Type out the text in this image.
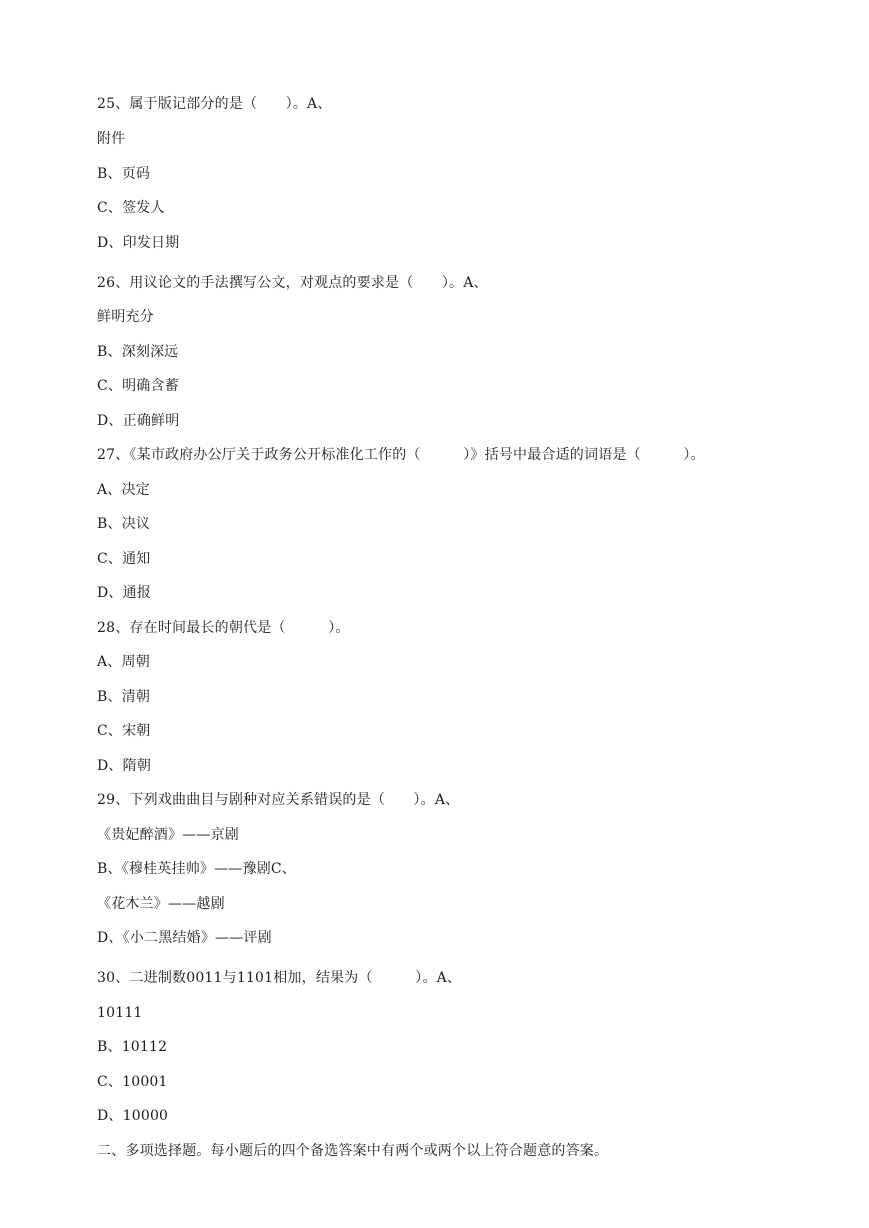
25、属于版记部分的是（　　）。A、
附件
B、页码
C、签发人
D、印发日期
26、用议论文的手法撰写公文，对观点的要求是（　　）。A、
鲜明充分
B、深刻深远
C、明确含蓄
D、正确鲜明
27、《某市政府办公厅关于政务公开标准化工作的（　　　）》括号中最合适的词语是（　　　）。
A、决定
B、决议
C、通知
D、通报
28、存在时间最长的朝代是（　　　）。
A、周朝
B、清朝
C、宋朝
D、隋朝
29、下列戏曲曲目与剧种对应关系错误的是（　　）。A、
《贵妃醉酒》——京剧
B、《穆桂英挂帅》——豫剧C、
《花木兰》——越剧
D、《小二黑结婚》——评剧
30、二进制数0011与1101相加，结果为（　　　）。A、
10111
B、10112
C、10001
D、10000
二、多项选择题。每小题后的四个备选答案中有两个或两个以上符合题意的答案。
